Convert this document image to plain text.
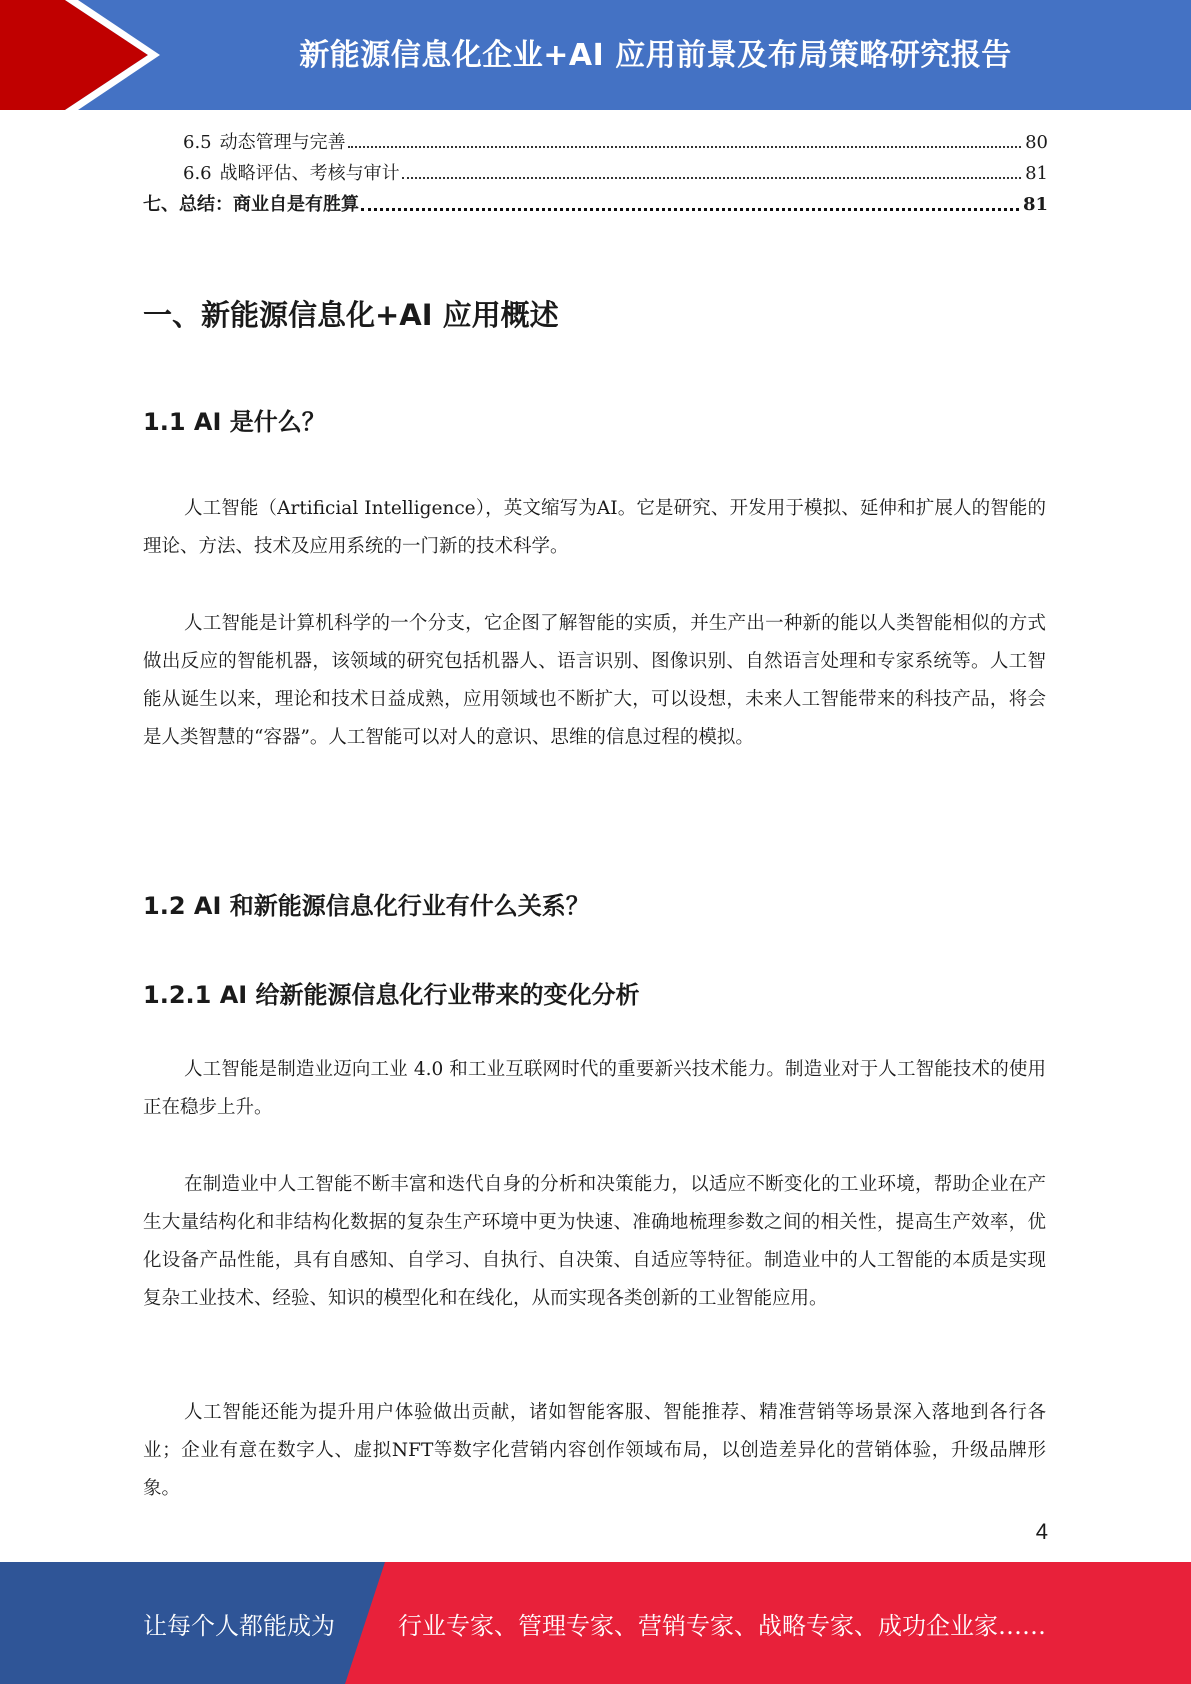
新能源信息化企业+AI 应用前景及布局策略研究报告
6.5 动态管理与完善	80
6.6 战略评估、考核与审计	81
七、总结：商业自是有胜算	81
一、新能源信息化+AI 应用概述
1.1 AI 是什么？

人工智能（Artificial Intelligence），英文缩写为AI。它是研究、开发用于模拟、延伸和扩展人的智能的理论、方法、技术及应用系统的一门新的技术科学。

人工智能是计算机科学的一个分支，它企图了解智能的实质，并生产出一种新的能以人类智能相似的方式做出反应的智能机器，该领域的研究包括机器人、语言识别、图像识别、自然语言处理和专家系统等。人工智能从诞生以来，理论和技术日益成熟，应用领域也不断扩大，可以设想，未来人工智能带来的科技产品，将会是人类智慧的“容器”。人工智能可以对人的意识、思维的信息过程的模拟。

1.2 AI 和新能源信息化行业有什么关系？
1.2.1 AI 给新能源信息化行业带来的变化分析

人工智能是制造业迈向工业 4.0 和工业互联网时代的重要新兴技术能力。制造业对于人工智能技术的使用正在稳步上升。

在制造业中人工智能不断丰富和迭代自身的分析和决策能力，以适应不断变化的工业环境，帮助企业在产生大量结构化和非结构化数据的复杂生产环境中更为快速、准确地梳理参数之间的相关性，提高生产效率，优化设备产品性能，具有自感知、自学习、自执行、自决策、自适应等特征。制造业中的人工智能的本质是实现复杂工业技术、经验、知识的模型化和在线化，从而实现各类创新的工业智能应用。

人工智能还能为提升用户体验做出贡献，诸如智能客服、智能推荐、精准营销等场景深入落地到各行各业；企业有意在数字人、虚拟NFT等数字化营销内容创作领域布局，以创造差异化的营销体验，升级品牌形象。

4
让每个人都能成为	行业专家、管理专家、营销专家、战略专家、成功企业家……
